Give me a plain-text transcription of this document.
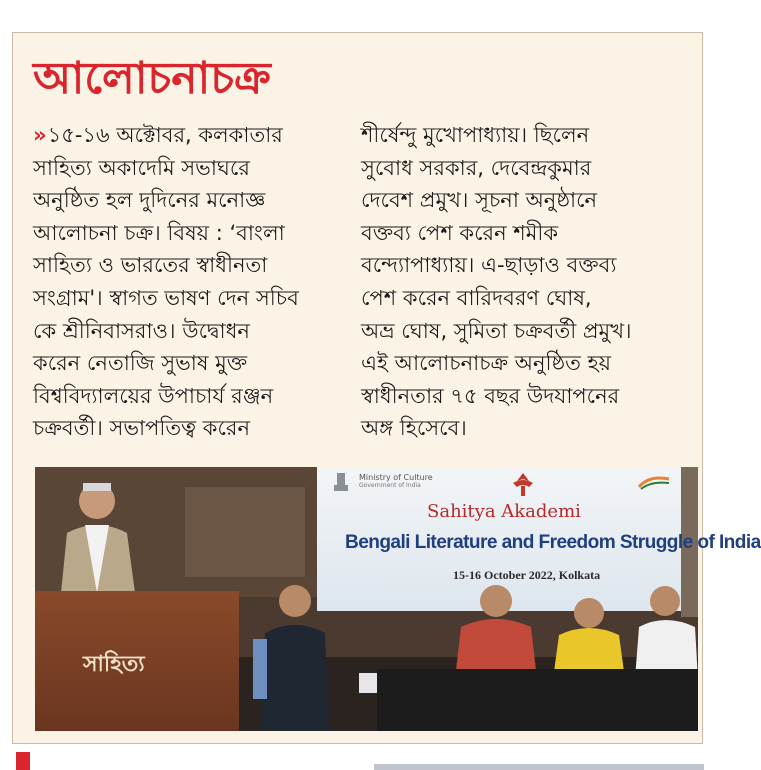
আলোচনাচক্র
» ১৫-১৬ অক্টোবর, কলকাতার
সাহিত্য অকাদেমি সভাঘরে
অনুষ্ঠিত হল দুদিনের মনোজ্ঞ
আলোচনা চক্র। বিষয় : ‘বাংলা
সাহিত্য ও ভারতের স্বাধীনতা
সংগ্রাম'। স্বাগত ভাষণ দেন সচিব
কে শ্রীনিবাসরাও। উদ্বোধন
করেন নেতাজি সুভাষ মুক্ত
বিশ্ববিদ্যালয়ের উপাচার্য রঞ্জন
চক্রবর্তী। সভাপতিত্ব করেন
শীর্ষেন্দু মুখোপাধ্যায়। ছিলেন
সুবোধ সরকার, দেবেন্দ্রকুমার
দেবেশ প্রমুখ। সূচনা অনুষ্ঠানে
বক্তব্য পেশ করেন শমীক
বন্দ্যোপাধ্যায়। এ-ছাড়াও বক্তব্য
পেশ করেন বারিদবরণ ঘোষ,
অভ্র ঘোষ, সুমিতা চক্রবর্তী প্রমুখ।
এই আলোচনাচক্র অনুষ্ঠিত হয়
স্বাধীনতার ৭৫ বছর উদযাপনের
অঙ্গ হিসেবে।
Ministry of Culture
Government of India
Sahitya Akademi
Bengali Literature and Freedom Struggle of India
15-16 October 2022, Kolkata
সাহিত্য
